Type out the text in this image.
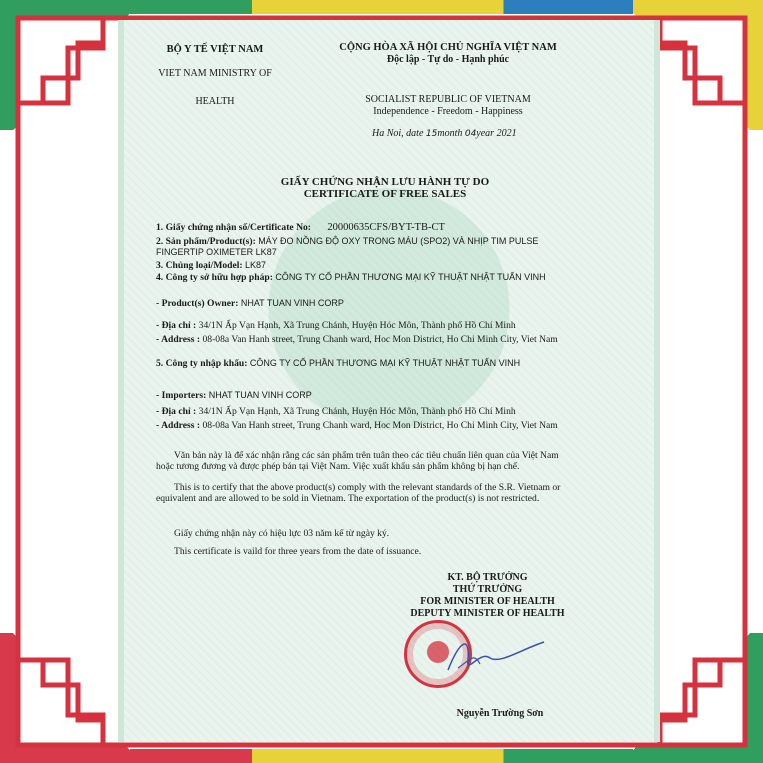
BỘ Y TẾ VIỆT NAM
VIET NAM MINISTRY OF
HEALTH
CỘNG HÒA XÃ HỘI CHỦ NGHĨA VIỆT NAM
Độc lập - Tự do - Hạnh phúc
SOCIALIST REPUBLIC OF VIETNAM
Independence - Freedom - Happiness
Ha Noi, date 15month 04year 2021
GIẤY CHỨNG NHẬN LƯU HÀNH TỰ DO
CERTIFICATE OF FREE SALES
1. Giấy chứng nhận số/Certificate No: 20000635CFS/BYT-TB-CT
2. Sản phẩm/Product(s): MÁY ĐO NỒNG ĐỘ OXY TRONG MÁU (SPO2) VÀ NHỊP TIM PULSE FINGERTIP OXIMETER LK87
3. Chủng loại/Model: LK87
4. Công ty sở hữu hợp pháp: CÔNG TY CỔ PHẦN THƯƠNG MẠI KỸ THUẬT NHẬT TUẤN VINH
- Product(s) Owner: NHAT TUAN VINH CORP
- Địa chỉ : 34/1N Ấp Vạn Hạnh, Xã Trung Chánh, Huyện Hóc Môn, Thành phố Hồ Chí Minh
- Address : 08-08a Van Hanh street, Trung Chanh ward, Hoc Mon District, Ho Chi Minh City, Viet Nam
5. Công ty nhập khẩu: CÔNG TY CỔ PHẦN THƯƠNG MẠI KỸ THUẬT NHẬT TUẤN VINH
- Importers: NHAT TUAN VINH CORP
- Địa chỉ : 34/1N Ấp Vạn Hạnh, Xã Trung Chánh, Huyện Hóc Môn, Thành phố Hồ Chí Minh
- Address : 08-08a Van Hanh street, Trung Chanh ward, Hoc Mon District, Ho Chi Minh City, Viet Nam
Văn bản này là để xác nhận rằng các sản phẩm trên tuân theo các tiêu chuẩn liên quan của Việt Nam hoặc tương đương và được phép bán tại Việt Nam. Việc xuất khẩu sản phẩm không bị hạn chế.
This is to certify that the above product(s) comply with the relevant standards of the S.R. Vietnam or equivalent and are allowed to be sold in Vietnam. The exportation of the product(s) is not restricted.
Giấy chứng nhận này có hiệu lực 03 năm kể từ ngày ký.
This certificate is vaild for three years from the date of issuance.
KT. BỘ TRƯỞNG
THỨ TRƯỞNG
FOR MINISTER OF HEALTH
DEPUTY MINISTER OF HEALTH
Nguyễn Trường Sơn
